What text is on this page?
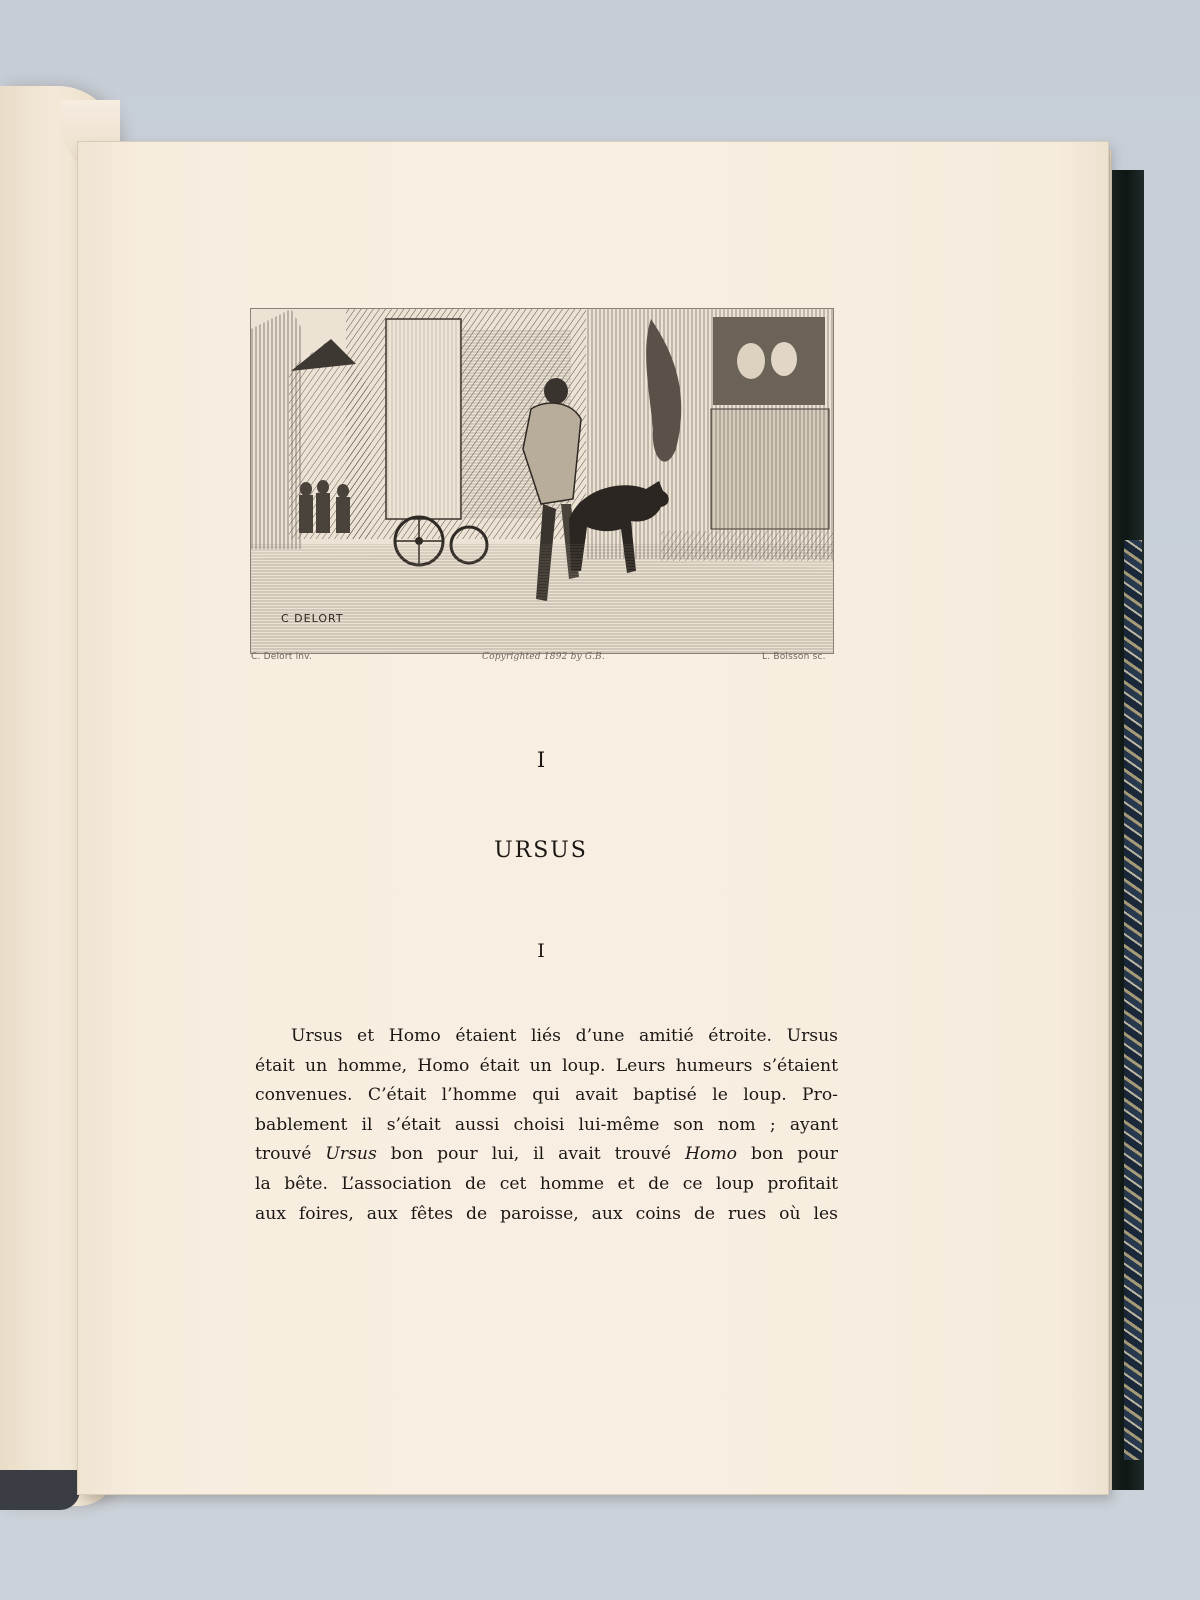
C DELORT
C. Delort inv.	Copyrighted 1892 by G.B.	L. Boisson sc.
I
URSUS
I
Ursus et Homo étaient liés d’une amitié étroite. Ursus
était un homme, Homo était un loup. Leurs humeurs s’étaient
convenues. C’était l’homme qui avait baptisé le loup. Pro-
bablement il s’était aussi choisi lui-même son nom ; ayant
trouvé Ursus bon pour lui, il avait trouvé Homo bon pour
la bête. L’association de cet homme et de ce loup profitait
aux foires, aux fêtes de paroisse, aux coins de rues où les
